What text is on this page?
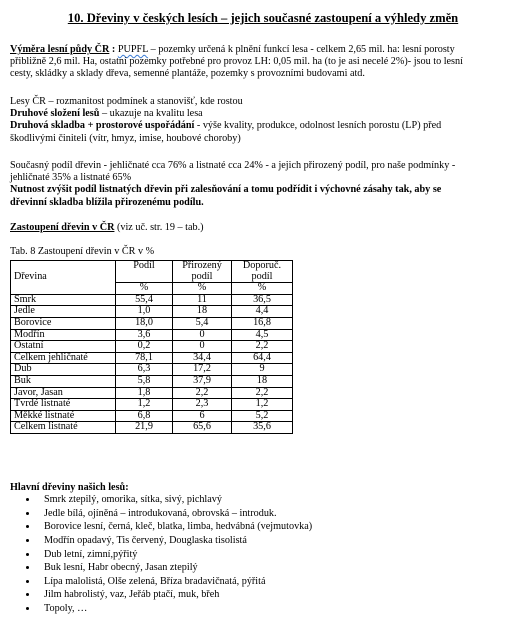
10. Dřeviny v českých lesích – jejich současné zastoupení a výhledy změn
Výměra lesní půdy ČR : PUPFL – pozemky určená k plnění funkcí lesa - celkem 2,65 mil. ha: lesní porosty
přibližně 2,6 mil. Ha, ostatní pozemky potřebné pro provoz LH: 0,05 mil. ha (to je asi necelé 2%)- jsou to lesní
cesty, skládky a sklady dřeva, semenné plantáže, pozemky s provozními budovami atd.
Lesy ČR – rozmanitost podmínek a stanovišť, kde rostou
Druhové složení lesů – ukazuje na kvalitu lesa
Druhová skladba + prostorové uspořádání - výše kvality, produkce, odolnost lesních porostu (LP) před
škodlivými činiteli (vítr, hmyz, imise, houbové choroby)
Současný podíl dřevin - jehličnaté cca 76% a listnaté cca 24% - a jejich přirozený podíl, pro naše podmínky -
jehličnaté 35% a listnaté 65%
Nutnost zvýšit podíl listnatých dřevin při zalesňování a tomu podřídit i výchovné zásahy tak, aby se
dřevinní skladba blížila přirozenému podílu.
Zastoupení dřevin v ČR (viz uč. str. 19 – tab.)
Tab. 8 Zastoupení dřevin v ČR v %
Dřevina	Podíl	Přirozený podíl	Doporuč. podíl
	%	%	%
Smrk	55,4	11	36,5
Jedle	1,0	18	4,4
Borovice	18,0	5,4	16,8
Modřín	3,6	0	4,5
Ostatní	0,2	0	2,2
Celkem jehličnaté	78,1	34,4	64,4
Dub	6,3	17,2	9
Buk	5,8	37,9	18
Javor, Jasan	1,8	2,2	2,2
Tvrdé listnaté	1,2	2,3	1,2
Měkké listnaté	6,8	6	5,2
Celkem listnaté	21,9	65,6	35,6
Hlavní dřeviny našich lesů:
• Smrk ztepilý, omorika, sítka, sivý, pichlavý
• Jedle bílá, ojíněná – introdukovaná, obrovská – introduk.
• Borovice lesní, černá, kleč, blatka, limba, hedvábná (vejmutovka)
• Modřín opadavý, Tis červený, Douglaska tisolistá
• Dub letní, zimní,pýřitý
• Buk lesní, Habr obecný, Jasan ztepilý
• Lípa malolistá, Olše zelená, Bříza bradavičnatá, pýřitá
• Jilm habrolistý, vaz, Jeřáb ptačí, muk, břeh
• Topoly, …
